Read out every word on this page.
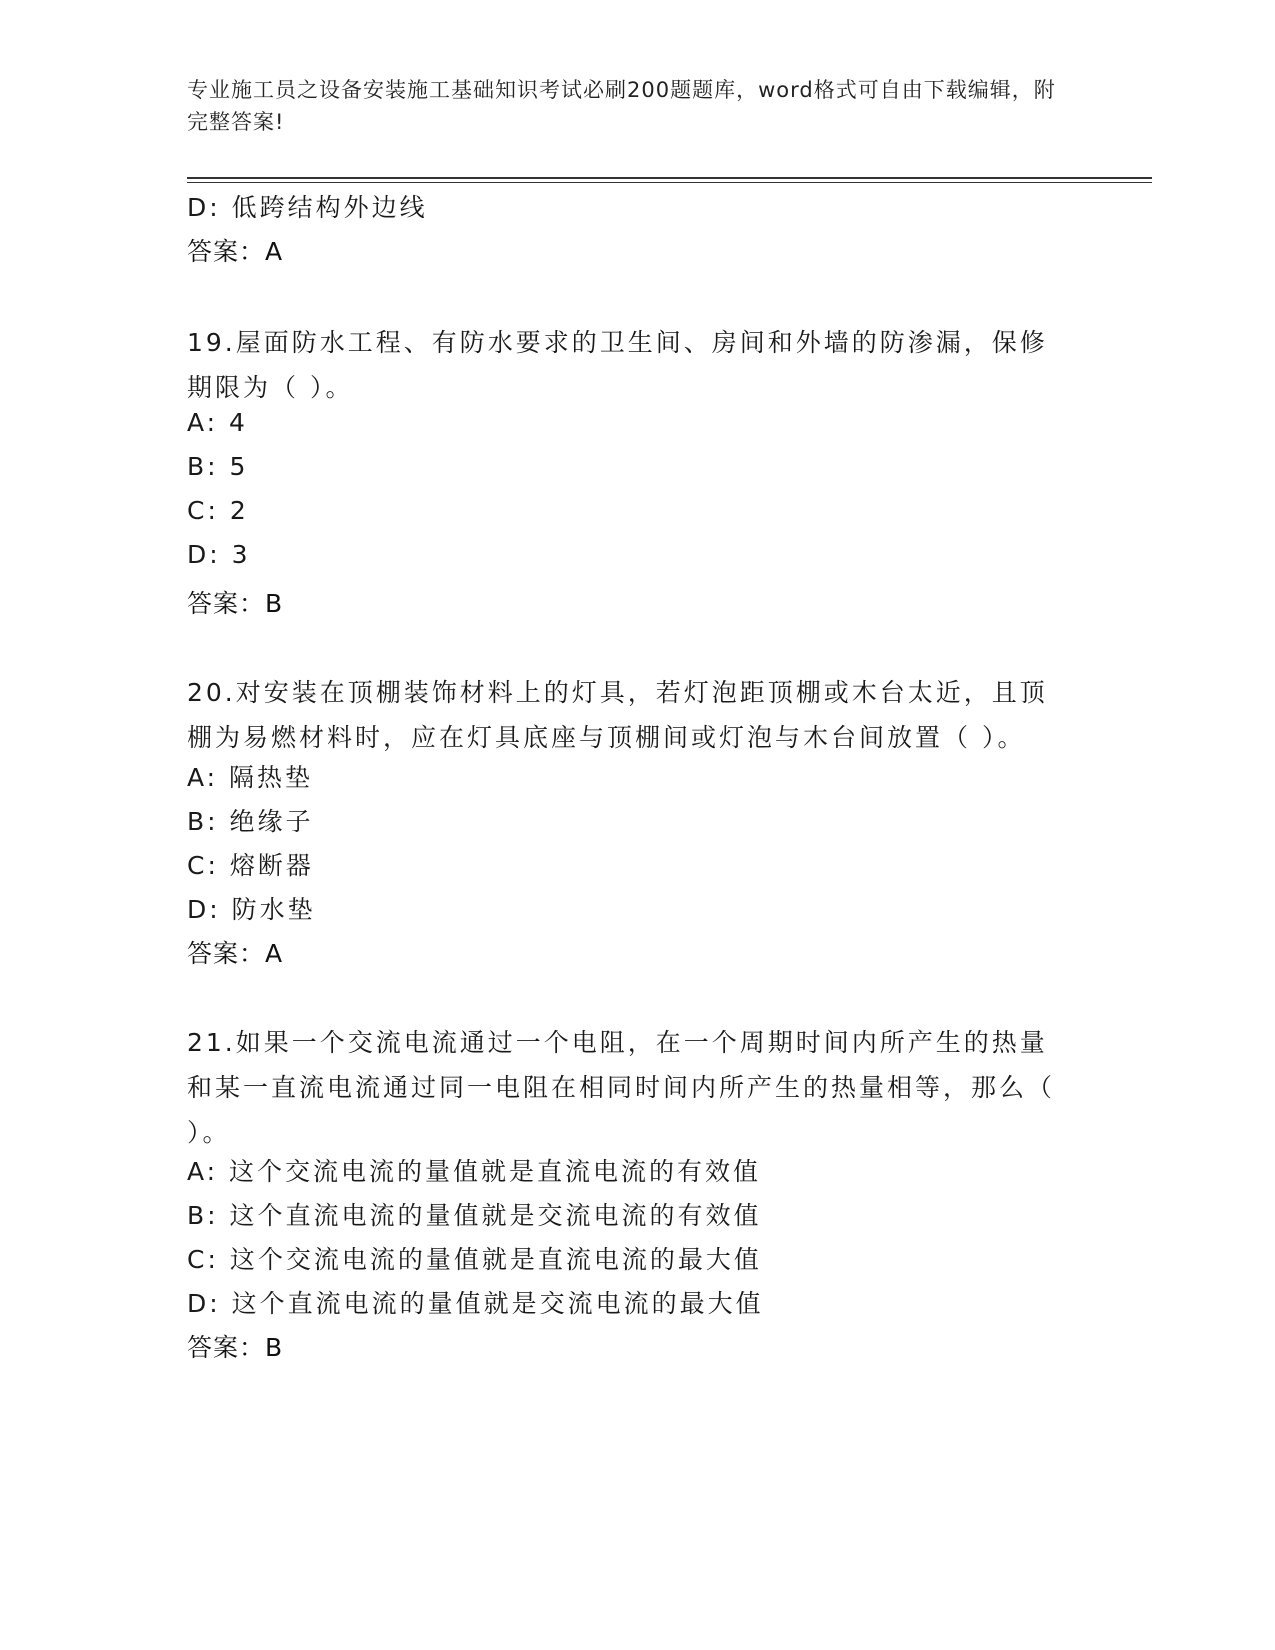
专业施工员之设备安装施工基础知识考试必刷200题题库，word格式可自由下载编辑，附完整答案!
D: 低跨结构外边线
答案：A
19.屋面防水工程、有防水要求的卫生间、房间和外墙的防渗漏，保修期限为（ ）。
A: 4
B: 5
C: 2
D: 3
答案：B
20.对安装在顶棚装饰材料上的灯具，若灯泡距顶棚或木台太近，且顶棚为易燃材料时，应在灯具底座与顶棚间或灯泡与木台间放置（ ）。
A: 隔热垫
B: 绝缘子
C: 熔断器
D: 防水垫
答案：A
21.如果一个交流电流通过一个电阻，在一个周期时间内所产生的热量和某一直流电流通过同一电阻在相同时间内所产生的热量相等，那么（ ）。
A: 这个交流电流的量值就是直流电流的有效值
B: 这个直流电流的量值就是交流电流的有效值
C: 这个交流电流的量值就是直流电流的最大值
D: 这个直流电流的量值就是交流电流的最大值
答案：B
